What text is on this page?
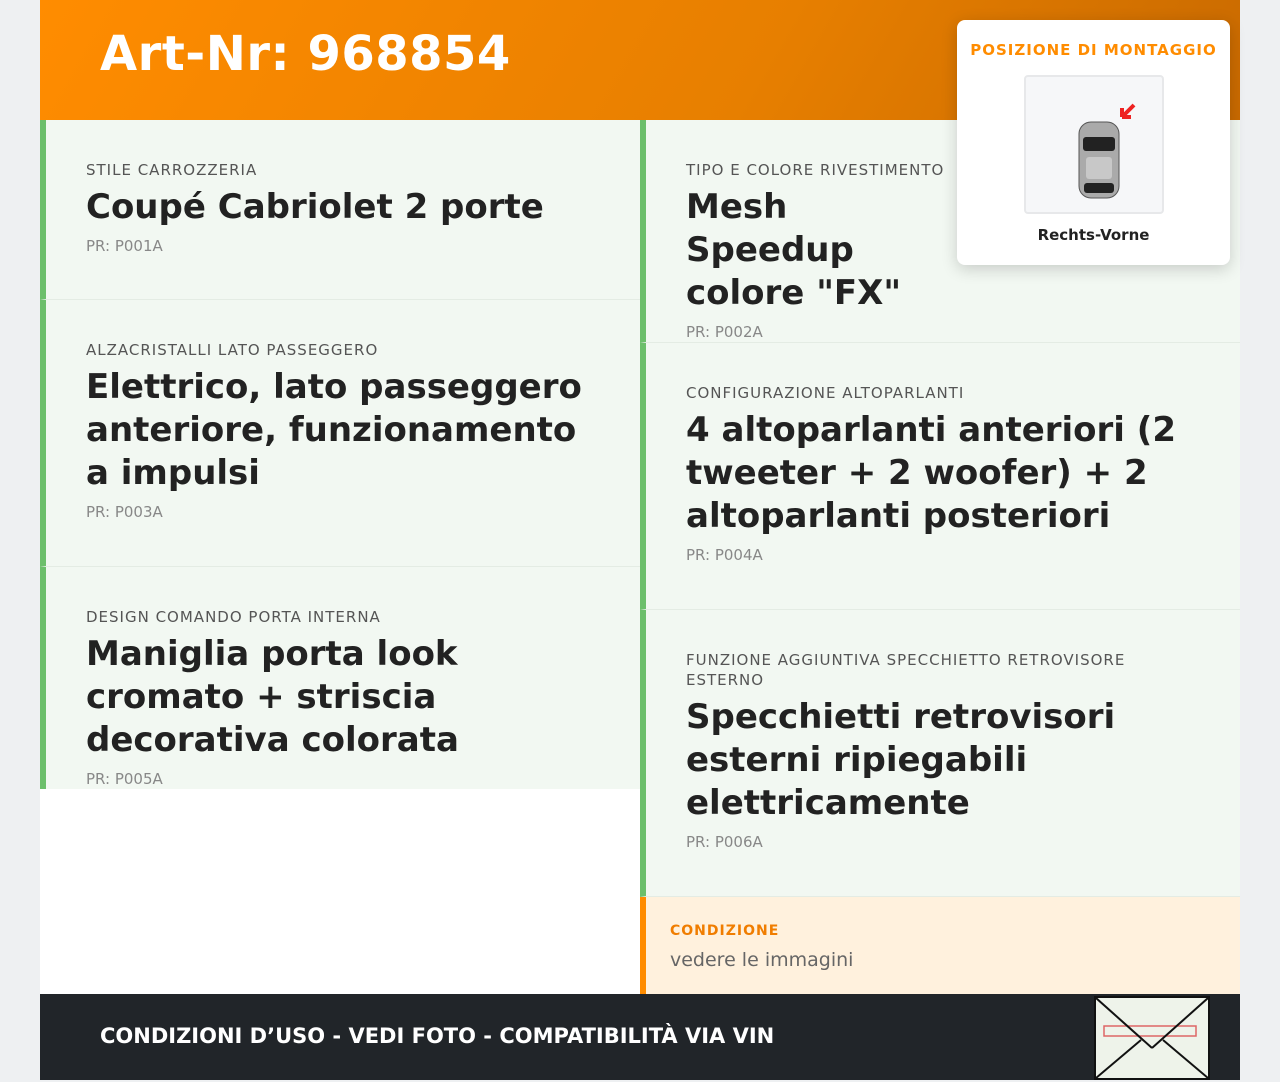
Art-Nr: 968854
STILE CARROZZERIA
Coupé Cabriolet 2 porte
PR: P001A
ALZACRISTALLI LATO PASSEGGERO
Elettrico, lato passeggero anteriore, funzionamento a impulsi
PR: P003A
DESIGN COMANDO PORTA INTERNA
Maniglia porta look cromato + striscia decorativa colorata
PR: P005A
TIPO E COLORE RIVESTIMENTO
Mesh Speedup colore "FX"
PR: P002A
CONFIGURAZIONE ALTOPARLANTI
4 altoparlanti anteriori (2 tweeter + 2 woofer) + 2 altoparlanti posteriori
PR: P004A
FUNZIONE AGGIUNTIVA SPECCHIETTO RETROVISORE ESTERNO
Specchietti retrovisori esterni ripiegabili elettricamente
PR: P006A
CONDIZIONE
vedere le immagini
CONDIZIONI D’USO - VEDI FOTO - COMPATIBILITÀ VIA VIN
POSIZIONE DI MONTAGGIO
Rechts-Vorne
